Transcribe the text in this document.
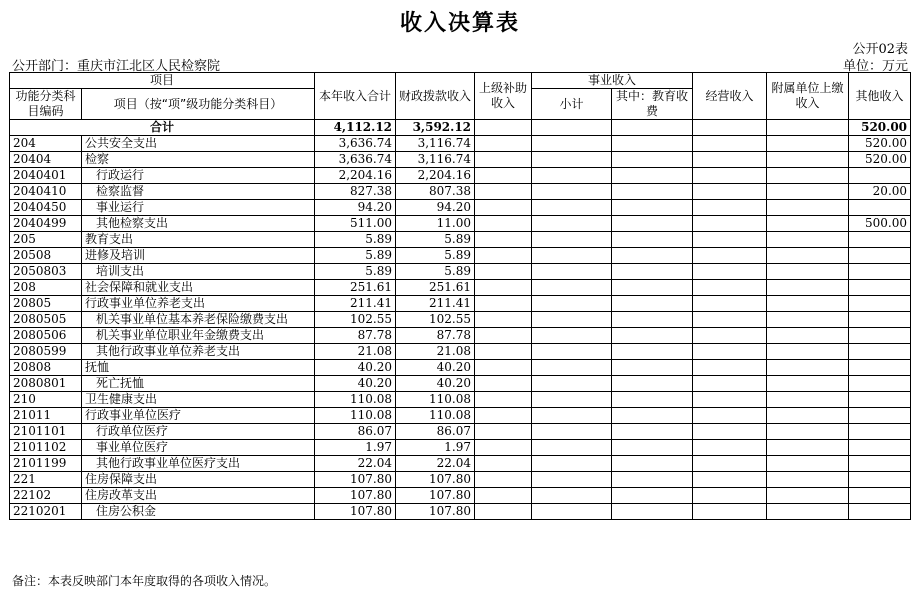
收入决算表
公开02表
公开部门：重庆市江北区人民检察院	单位：万元
项目		本年收入合计	财政拨款收入	上级补助收入	事业收入		经营收入	附属单位上缴收入	其他收入
功能分类科目编码	项目（按“项”级功能分类科目）								
					小计	其中：教育收费			
合计		4,112.12	3,592.12						520.00
204	公共安全支出	3,636.74	3,116.74						520.00
20404	检察	3,636.74	3,116.74						520.00
2040401	行政运行	2,204.16	2,204.16						
2040410	检察监督	827.38	807.38						20.00
2040450	事业运行	94.20	94.20						
2040499	其他检察支出	511.00	11.00						500.00
205	教育支出	5.89	5.89						
20508	进修及培训	5.89	5.89						
2050803	培训支出	5.89	5.89						
208	社会保障和就业支出	251.61	251.61						
20805	行政事业单位养老支出	211.41	211.41						
2080505	机关事业单位基本养老保险缴费支出	102.55	102.55						
2080506	机关事业单位职业年金缴费支出	87.78	87.78						
2080599	其他行政事业单位养老支出	21.08	21.08						
20808	抚恤	40.20	40.20						
2080801	死亡抚恤	40.20	40.20						
210	卫生健康支出	110.08	110.08						
21011	行政事业单位医疗	110.08	110.08						
2101101	行政单位医疗	86.07	86.07						
2101102	事业单位医疗	1.97	1.97						
2101199	其他行政事业单位医疗支出	22.04	22.04						
221	住房保障支出	107.80	107.80						
22102	住房改革支出	107.80	107.80						
2210201	住房公积金	107.80	107.80						
备注：本表反映部门本年度取得的各项收入情况。
